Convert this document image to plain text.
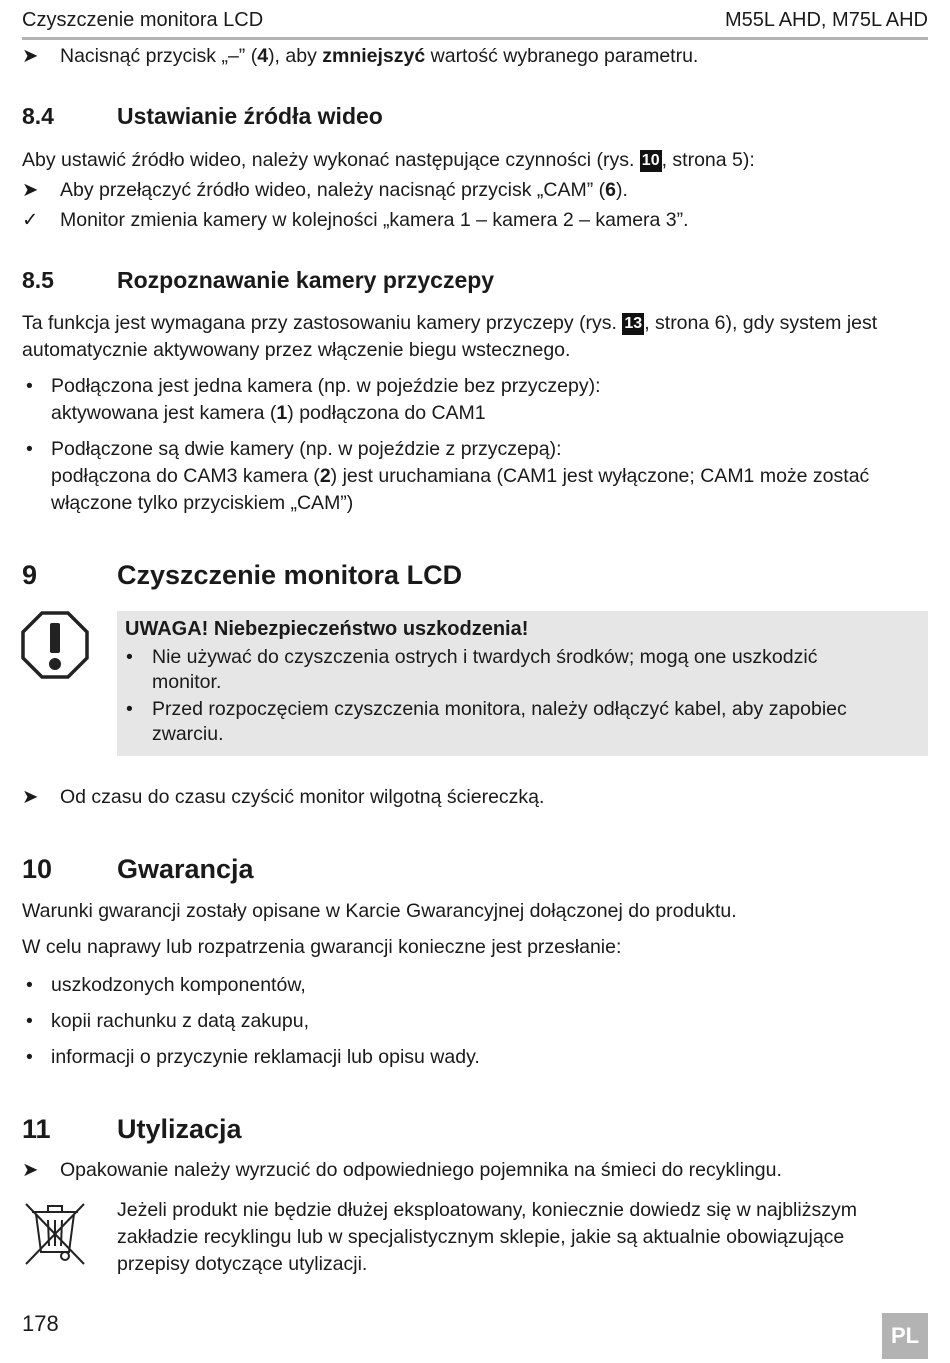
Czyszczenie monitora LCD	M55L AHD, M75L AHD
➤ Nacisnąć przycisk „–” (4), aby zmniejszyć wartość wybranego parametru.
8.4	Ustawianie źródła wideo
Aby ustawić źródło wideo, należy wykonać następujące czynności (rys. 10 , strona 5):
➤ Aby przełączyć źródło wideo, należy nacisnąć przycisk „CAM” (6).
✓ Monitor zmienia kamery w kolejności „kamera 1 – kamera 2 – kamera 3”.
8.5	Rozpoznawanie kamery przyczepy
Ta funkcja jest wymagana przy zastosowaniu kamery przyczepy (rys. 13 , strona 6), gdy system jest
automatycznie aktywowany przez włączenie biegu wstecznego.
• Podłączona jest jedna kamera (np. w pojeździe bez przyczepy):
aktywowana jest kamera (1) podłączona do CAM1
• Podłączone są dwie kamery (np. w pojeździe z przyczepą):
podłączona do CAM3 kamera (2) jest uruchamiana (CAM1 jest wyłączone; CAM1 może zostać
włączone tylko przyciskiem „CAM”)
9	Czyszczenie monitora LCD
UWAGA! Niebezpieczeństwo uszkodzenia!
• Nie używać do czyszczenia ostrych i twardych środków; mogą one uszkodzić
monitor.
• Przed rozpoczęciem czyszczenia monitora, należy odłączyć kabel, aby zapobiec
zwarciu.
➤ Od czasu do czasu czyścić monitor wilgotną ściereczką.
10 Gwarancja
Warunki gwarancji zostały opisane w Karcie Gwarancyjnej dołączonej do produktu.
W celu naprawy lub rozpatrzenia gwarancji konieczne jest przesłanie:
• uszkodzonych komponentów,
• kopii rachunku z datą zakupu,
• informacji o przyczynie reklamacji lub opisu wady.
11 Utylizacja
➤ Opakowanie należy wyrzucić do odpowiedniego pojemnika na śmieci do recyklingu.
Jeżeli produkt nie będzie dłużej eksploatowany, koniecznie dowiedz się w najbliższym
zakładzie recyklingu lub w specjalistycznym sklepie, jakie są aktualnie obowiązujące
przepisy dotyczące utylizacji.
178	PL
